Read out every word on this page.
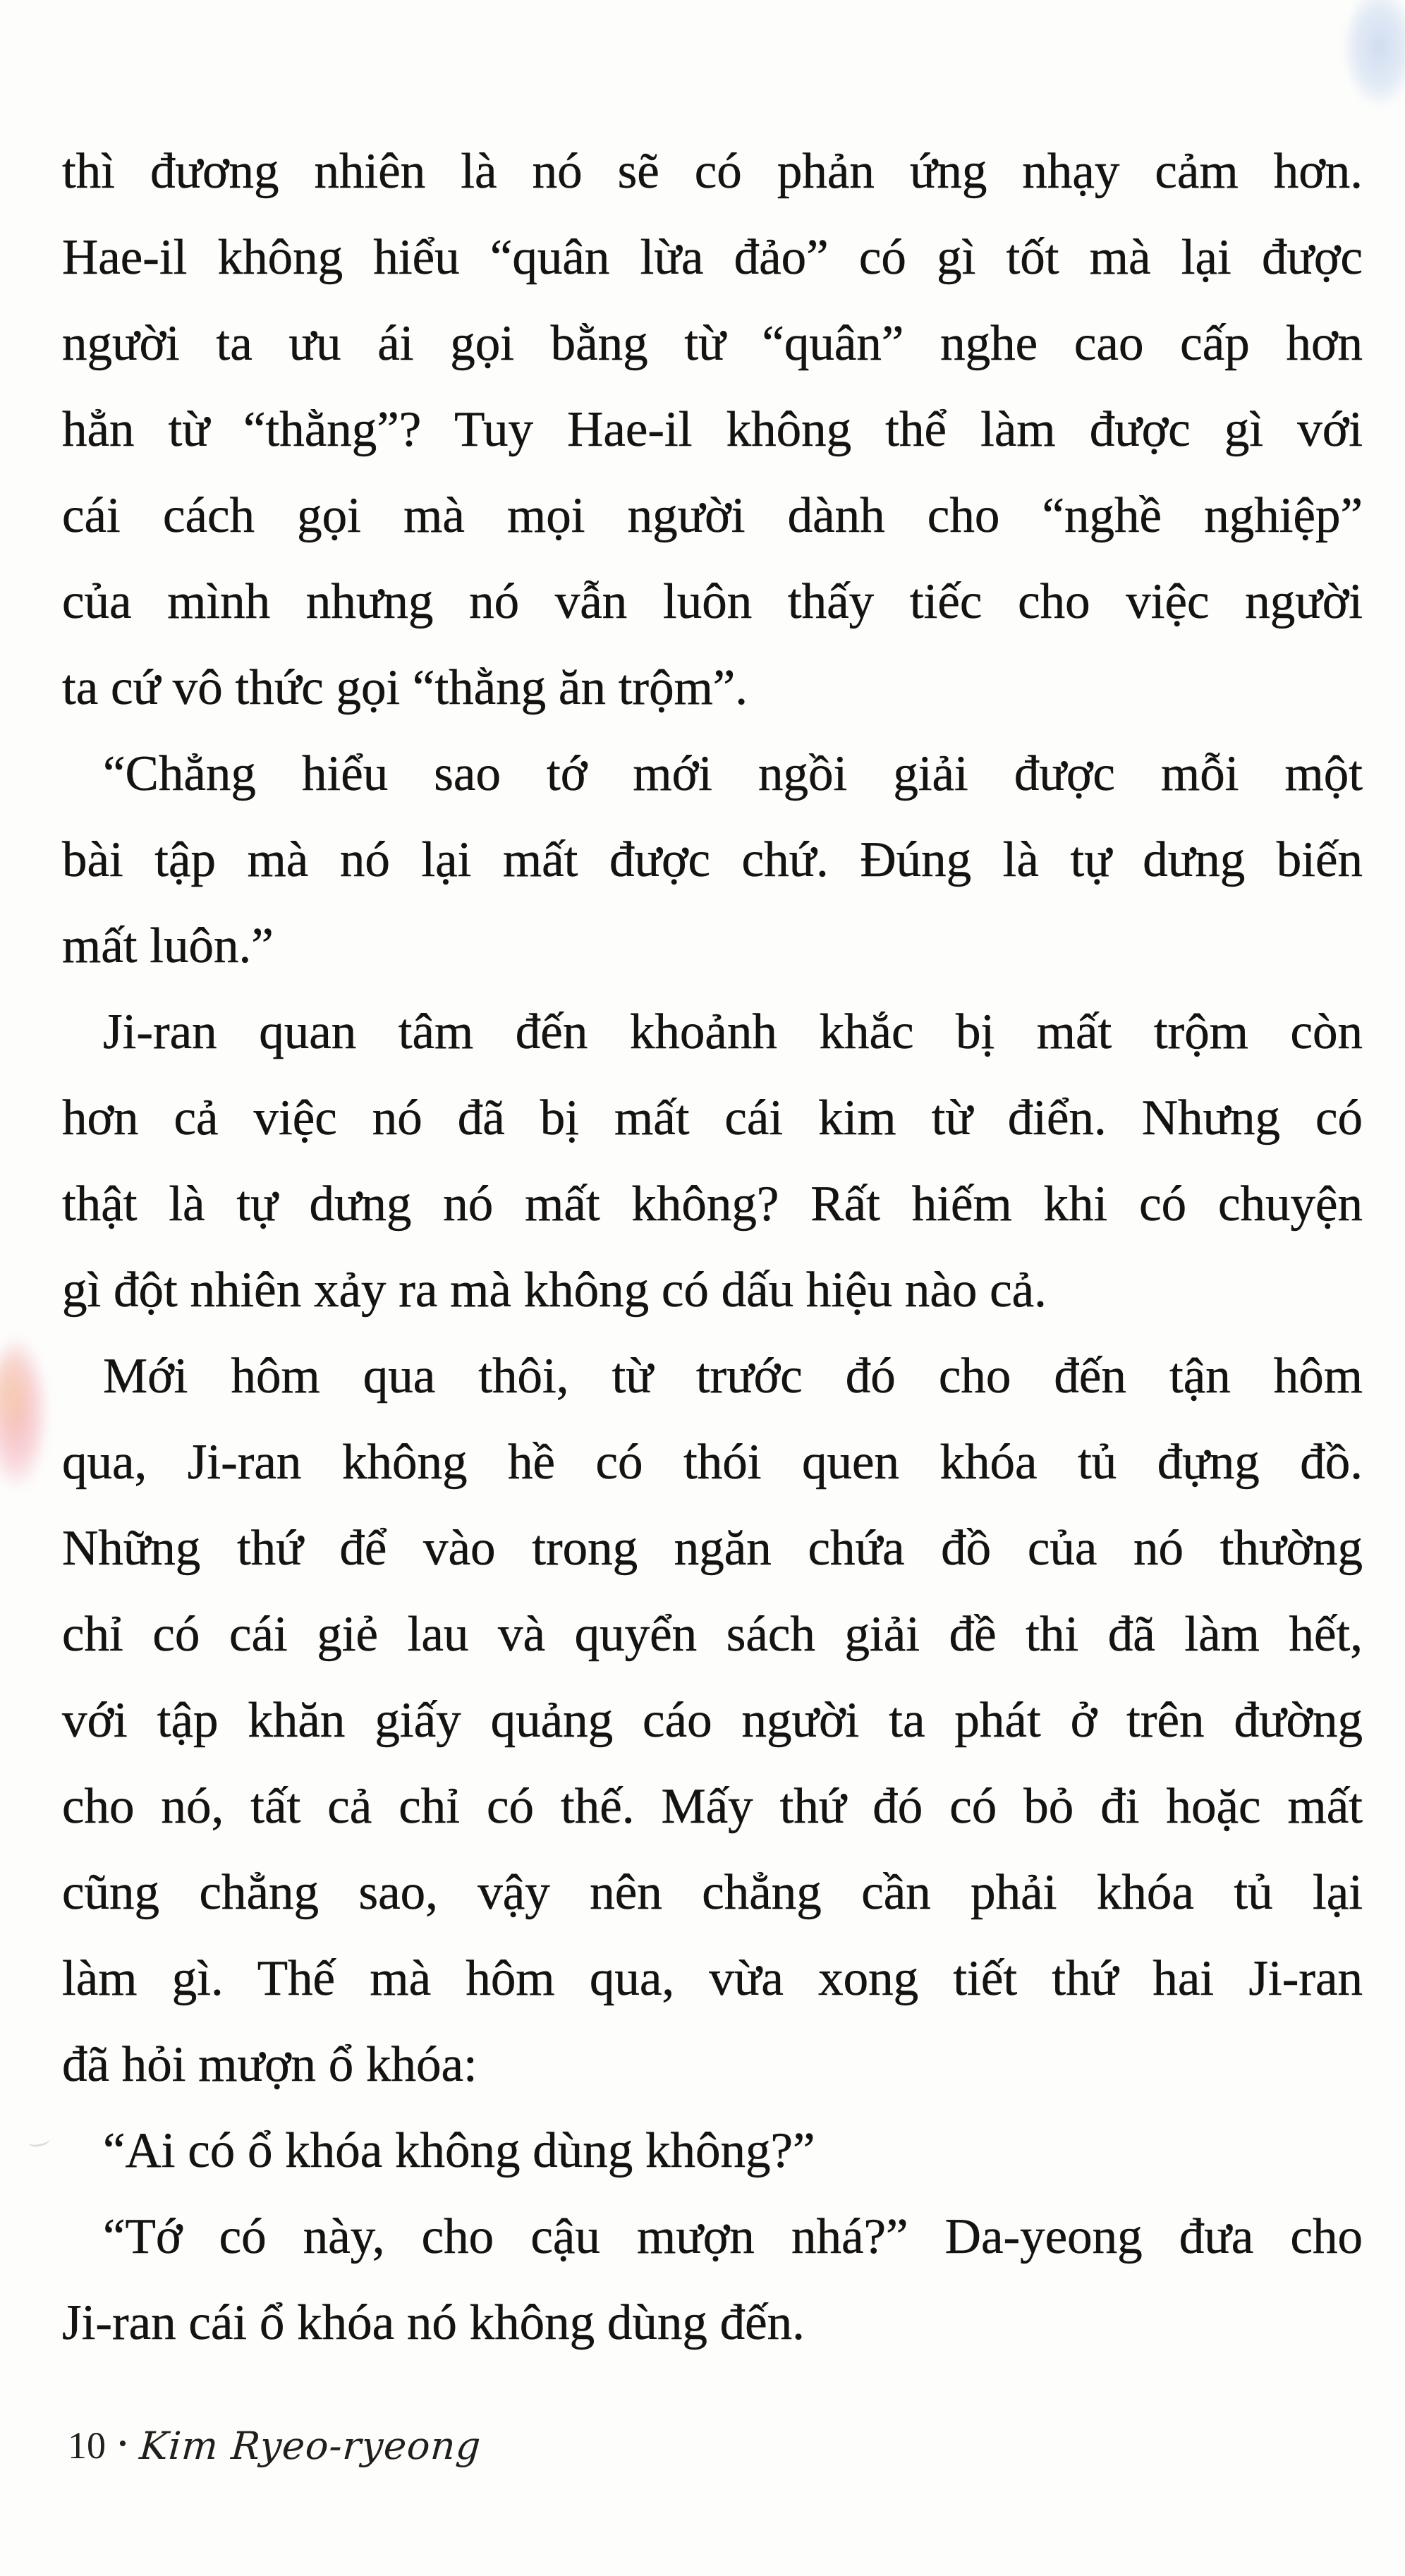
thì đương nhiên là nó sẽ có phản ứng nhạy cảm hơn.
Hae-il không hiểu “quân lừa đảo” có gì tốt mà lại được
người ta ưu ái gọi bằng từ “quân” nghe cao cấp hơn
hẳn từ “thằng”? Tuy Hae-il không thể làm được gì với
cái cách gọi mà mọi người dành cho “nghề nghiệp”
của mình nhưng nó vẫn luôn thấy tiếc cho việc người
ta cứ vô thức gọi “thằng ăn trộm”.

“Chẳng hiểu sao tớ mới ngồi giải được mỗi một
bài tập mà nó lại mất được chứ. Đúng là tự dưng biến
mất luôn.”

Ji-ran quan tâm đến khoảnh khắc bị mất trộm còn
hơn cả việc nó đã bị mất cái kim từ điển. Nhưng có
thật là tự dưng nó mất không? Rất hiếm khi có chuyện
gì đột nhiên xảy ra mà không có dấu hiệu nào cả.

Mới hôm qua thôi, từ trước đó cho đến tận hôm
qua, Ji-ran không hề có thói quen khóa tủ đựng đồ.
Những thứ để vào trong ngăn chứa đồ của nó thường
chỉ có cái giẻ lau và quyển sách giải đề thi đã làm hết,
với tập khăn giấy quảng cáo người ta phát ở trên đường
cho nó, tất cả chỉ có thế. Mấy thứ đó có bỏ đi hoặc mất
cũng chẳng sao, vậy nên chẳng cần phải khóa tủ lại
làm gì. Thế mà hôm qua, vừa xong tiết thứ hai Ji-ran
đã hỏi mượn ổ khóa:

“Ai có ổ khóa không dùng không?”

“Tớ có này, cho cậu mượn nhá?” Da-yeong đưa cho
Ji-ran cái ổ khóa nó không dùng đến.

10 • Kim Ryeo-ryeong
